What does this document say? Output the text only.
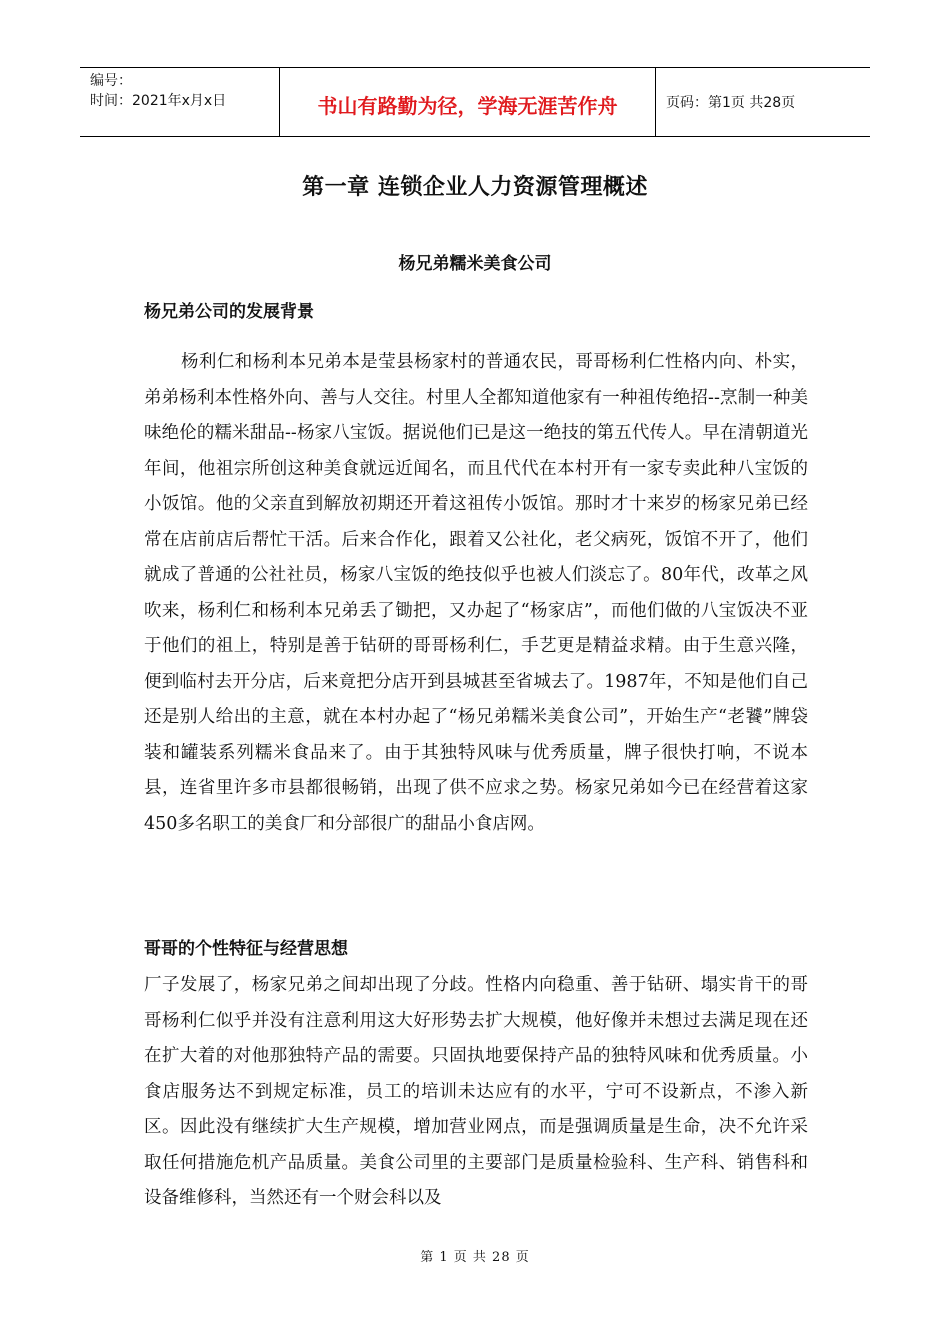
编号：
时间：2021年x月x日	书山有路勤为径，学海无涯苦作舟	页码：第1页 共28页
第一章 连锁企业人力资源管理概述
杨兄弟糯米美食公司
杨兄弟公司的发展背景

杨利仁和杨利本兄弟本是莹县杨家村的普通农民，哥哥杨利仁性格内向、朴实，弟弟杨利本性格外向、善与人交往。村里人全都知道他家有一种祖传绝招--烹制一种美味绝伦的糯米甜品--杨家八宝饭。据说他们已是这一绝技的第五代传人。早在清朝道光年间，他祖宗所创这种美食就远近闻名，而且代代在本村开有一家专卖此种八宝饭的小饭馆。他的父亲直到解放初期还开着这祖传小饭馆。那时才十来岁的杨家兄弟已经常在店前店后帮忙干活。后来合作化，跟着又公社化，老父病死，饭馆不开了，他们就成了普通的公社社员，杨家八宝饭的绝技似乎也被人们淡忘了。80年代，改革之风吹来，杨利仁和杨利本兄弟丢了锄把，又办起了“杨家店”，而他们做的八宝饭决不亚于他们的祖上，特别是善于钻研的哥哥杨利仁，手艺更是精益求精。由于生意兴隆，便到临村去开分店，后来竟把分店开到县城甚至省城去了。1987年，不知是他们自己还是别人给出的主意，就在本村办起了“杨兄弟糯米美食公司”，开始生产“老饕”牌袋装和罐装系列糯米食品来了。由于其独特风味与优秀质量，牌子很快打响，不说本县，连省里许多市县都很畅销，出现了供不应求之势。杨家兄弟如今已在经营着这家450多名职工的美食厂和分部很广的甜品小食店网。

哥哥的个性特征与经营思想

厂子发展了，杨家兄弟之间却出现了分歧。性格内向稳重、善于钻研、塌实肯干的哥哥杨利仁似乎并没有注意利用这大好形势去扩大规模，他好像并未想过去满足现在还在扩大着的对他那独特产品的需要。只固执地要保持产品的独特风味和优秀质量。小食店服务达不到规定标准，员工的培训未达应有的水平，宁可不设新点，不渗入新区。因此没有继续扩大生产规模，增加营业网点，而是强调质量是生命，决不允许采取任何措施危机产品质量。美食公司里的主要部门是质量检验科、生产科、销售科和设备维修科，当然还有一个财会科以及

第 1 页 共 28 页
